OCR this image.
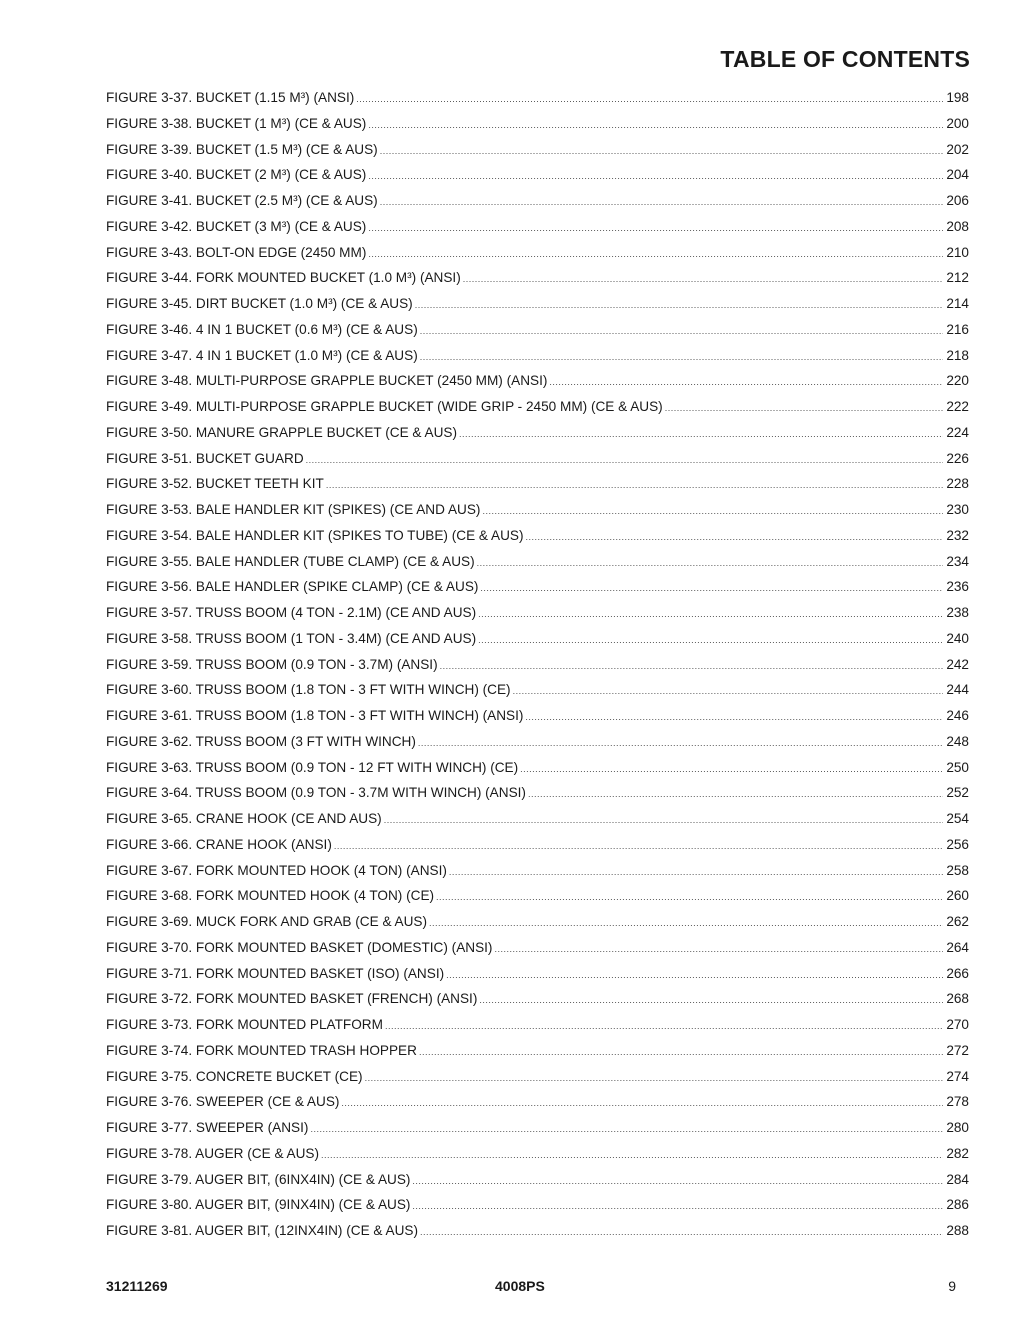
TABLE OF CONTENTS
FIGURE 3-37. BUCKET (1.15 M³) (ANSI) .....	198
FIGURE 3-38. BUCKET (1 M³) (CE & AUS) .....	200
FIGURE 3-39. BUCKET (1.5 M³) (CE & AUS) .....	202
FIGURE 3-40. BUCKET (2 M³) (CE & AUS) .....	204
FIGURE 3-41. BUCKET (2.5 M³) (CE & AUS) .....	206
FIGURE 3-42. BUCKET (3 M³) (CE & AUS) .....	208
FIGURE 3-43. BOLT-ON EDGE (2450 MM) .....	210
FIGURE 3-44. FORK MOUNTED BUCKET (1.0 M³) (ANSI) .....	212
FIGURE 3-45. DIRT BUCKET (1.0 M³) (CE & AUS) .....	214
FIGURE 3-46. 4 IN 1 BUCKET (0.6 M³) (CE & AUS) .....	216
FIGURE 3-47. 4 IN 1 BUCKET (1.0 M³) (CE & AUS) .....	218
FIGURE 3-48. MULTI-PURPOSE GRAPPLE BUCKET (2450 MM) (ANSI) .....	220
FIGURE 3-49. MULTI-PURPOSE GRAPPLE BUCKET (WIDE GRIP - 2450 MM) (CE & AUS) .....	222
FIGURE 3-50. MANURE GRAPPLE BUCKET (CE & AUS) .....	224
FIGURE 3-51. BUCKET GUARD .....	226
FIGURE 3-52. BUCKET TEETH KIT .....	228
FIGURE 3-53. BALE HANDLER KIT (SPIKES) (CE AND AUS) .....	230
FIGURE 3-54. BALE HANDLER KIT (SPIKES TO TUBE) (CE & AUS) .....	232
FIGURE 3-55. BALE HANDLER (TUBE CLAMP) (CE & AUS) .....	234
FIGURE 3-56. BALE HANDLER (SPIKE CLAMP) (CE & AUS) .....	236
FIGURE 3-57. TRUSS BOOM (4 TON - 2.1M) (CE AND AUS) .....	238
FIGURE 3-58. TRUSS BOOM (1 TON - 3.4M) (CE AND AUS) .....	240
FIGURE 3-59. TRUSS BOOM (0.9 TON - 3.7M) (ANSI) .....	242
FIGURE 3-60. TRUSS BOOM (1.8 TON - 3 FT WITH WINCH) (CE) .....	244
FIGURE 3-61. TRUSS BOOM (1.8 TON - 3 FT WITH WINCH) (ANSI) .....	246
FIGURE 3-62. TRUSS BOOM (3 FT WITH WINCH) .....	248
FIGURE 3-63. TRUSS BOOM (0.9 TON - 12 FT WITH WINCH) (CE) .....	250
FIGURE 3-64. TRUSS BOOM (0.9 TON - 3.7M WITH WINCH) (ANSI) .....	252
FIGURE 3-65. CRANE HOOK (CE AND AUS) .....	254
FIGURE 3-66. CRANE HOOK (ANSI) .....	256
FIGURE 3-67. FORK MOUNTED HOOK (4 TON) (ANSI) .....	258
FIGURE 3-68. FORK MOUNTED HOOK (4 TON) (CE) .....	260
FIGURE 3-69. MUCK FORK AND GRAB (CE & AUS) .....	262
FIGURE 3-70. FORK MOUNTED BASKET (DOMESTIC) (ANSI) .....	264
FIGURE 3-71. FORK MOUNTED BASKET (ISO) (ANSI) .....	266
FIGURE 3-72. FORK MOUNTED BASKET (FRENCH) (ANSI) .....	268
FIGURE 3-73. FORK MOUNTED PLATFORM .....	270
FIGURE 3-74. FORK MOUNTED TRASH HOPPER .....	272
FIGURE 3-75. CONCRETE BUCKET (CE) .....	274
FIGURE 3-76. SWEEPER (CE & AUS) .....	278
FIGURE 3-77. SWEEPER (ANSI) .....	280
FIGURE 3-78. AUGER (CE & AUS) .....	282
FIGURE 3-79. AUGER BIT, (6INX4IN) (CE & AUS) .....	284
FIGURE 3-80. AUGER BIT, (9INX4IN) (CE & AUS) .....	286
FIGURE 3-81. AUGER BIT, (12INX4IN) (CE & AUS) .....	288
31211269	4008PS	9
